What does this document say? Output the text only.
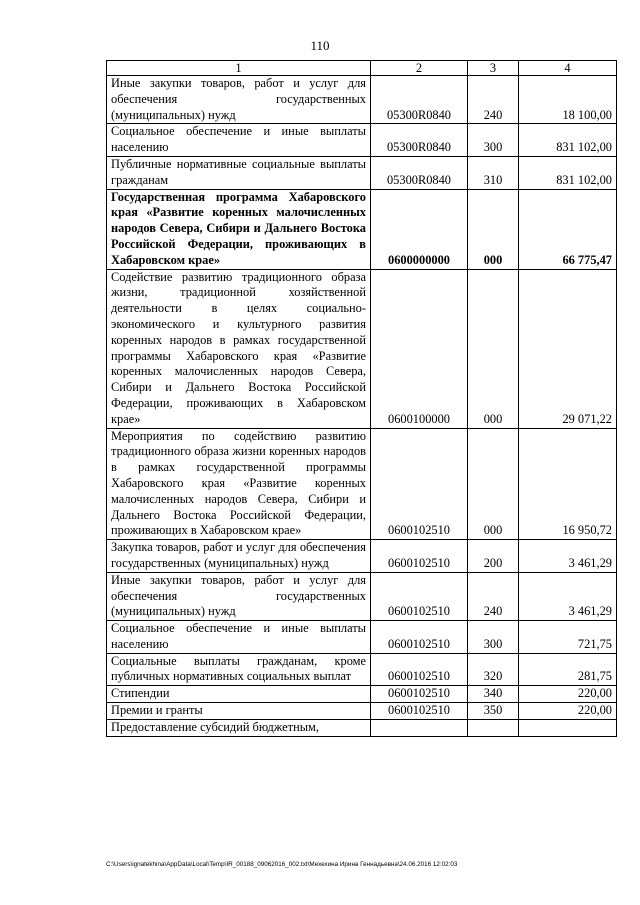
110
1	2	3	4
Иные закупки товаров, работ и услуг для обеспечения государственных (муниципальных) нужд	05300R0840	240	18 100,00
Социальное обеспечение и иные выплаты населению	05300R0840	300	831 102,00
Публичные нормативные социальные выплаты гражданам	05300R0840	310	831 102,00
Государственная программа Хабаровского края «Развитие коренных малочисленных народов Севера, Сибири и Дальнего Востока Российской Федерации, проживающих в Хабаровском крае»	0600000000	000	66 775,47
Содействие развитию традиционного образа жизни, традиционной хозяйственной деятельности в целях социально-экономического и культурного развития коренных народов в рамках государственной программы Хабаровского края «Развитие коренных малочисленных народов Севера, Сибири и Дальнего Востока Российской Федерации, проживающих в Хабаровском крае»	0600100000	000	29 071,22
Мероприятия по содействию развитию традиционного образа жизни коренных народов в рамках государственной программы Хабаровского края «Развитие коренных малочисленных народов Севера, Сибири и Дальнего Востока Российской Федерации, проживающих в Хабаровском крае»	0600102510	000	16 950,72
Закупка товаров, работ и услуг для обеспечения государственных (муниципальных) нужд	0600102510	200	3 461,29
Иные закупки товаров, работ и услуг для обеспечения государственных (муниципальных) нужд	0600102510	240	3 461,29
Социальное обеспечение и иные выплаты населению	0600102510	300	721,75
Социальные выплаты гражданам, кроме публичных нормативных социальных выплат	0600102510	320	281,75
Стипендии	0600102510	340	220,00
Премии и гранты	0600102510	350	220,00
Предоставление субсидий бюджетным,			
C:\Users\ignatekhina\AppData\Local\Temp\IR_00188_09062016_002.txt\Мехехина Ирина Геннадьевна\24.06.2016 12:02:03
